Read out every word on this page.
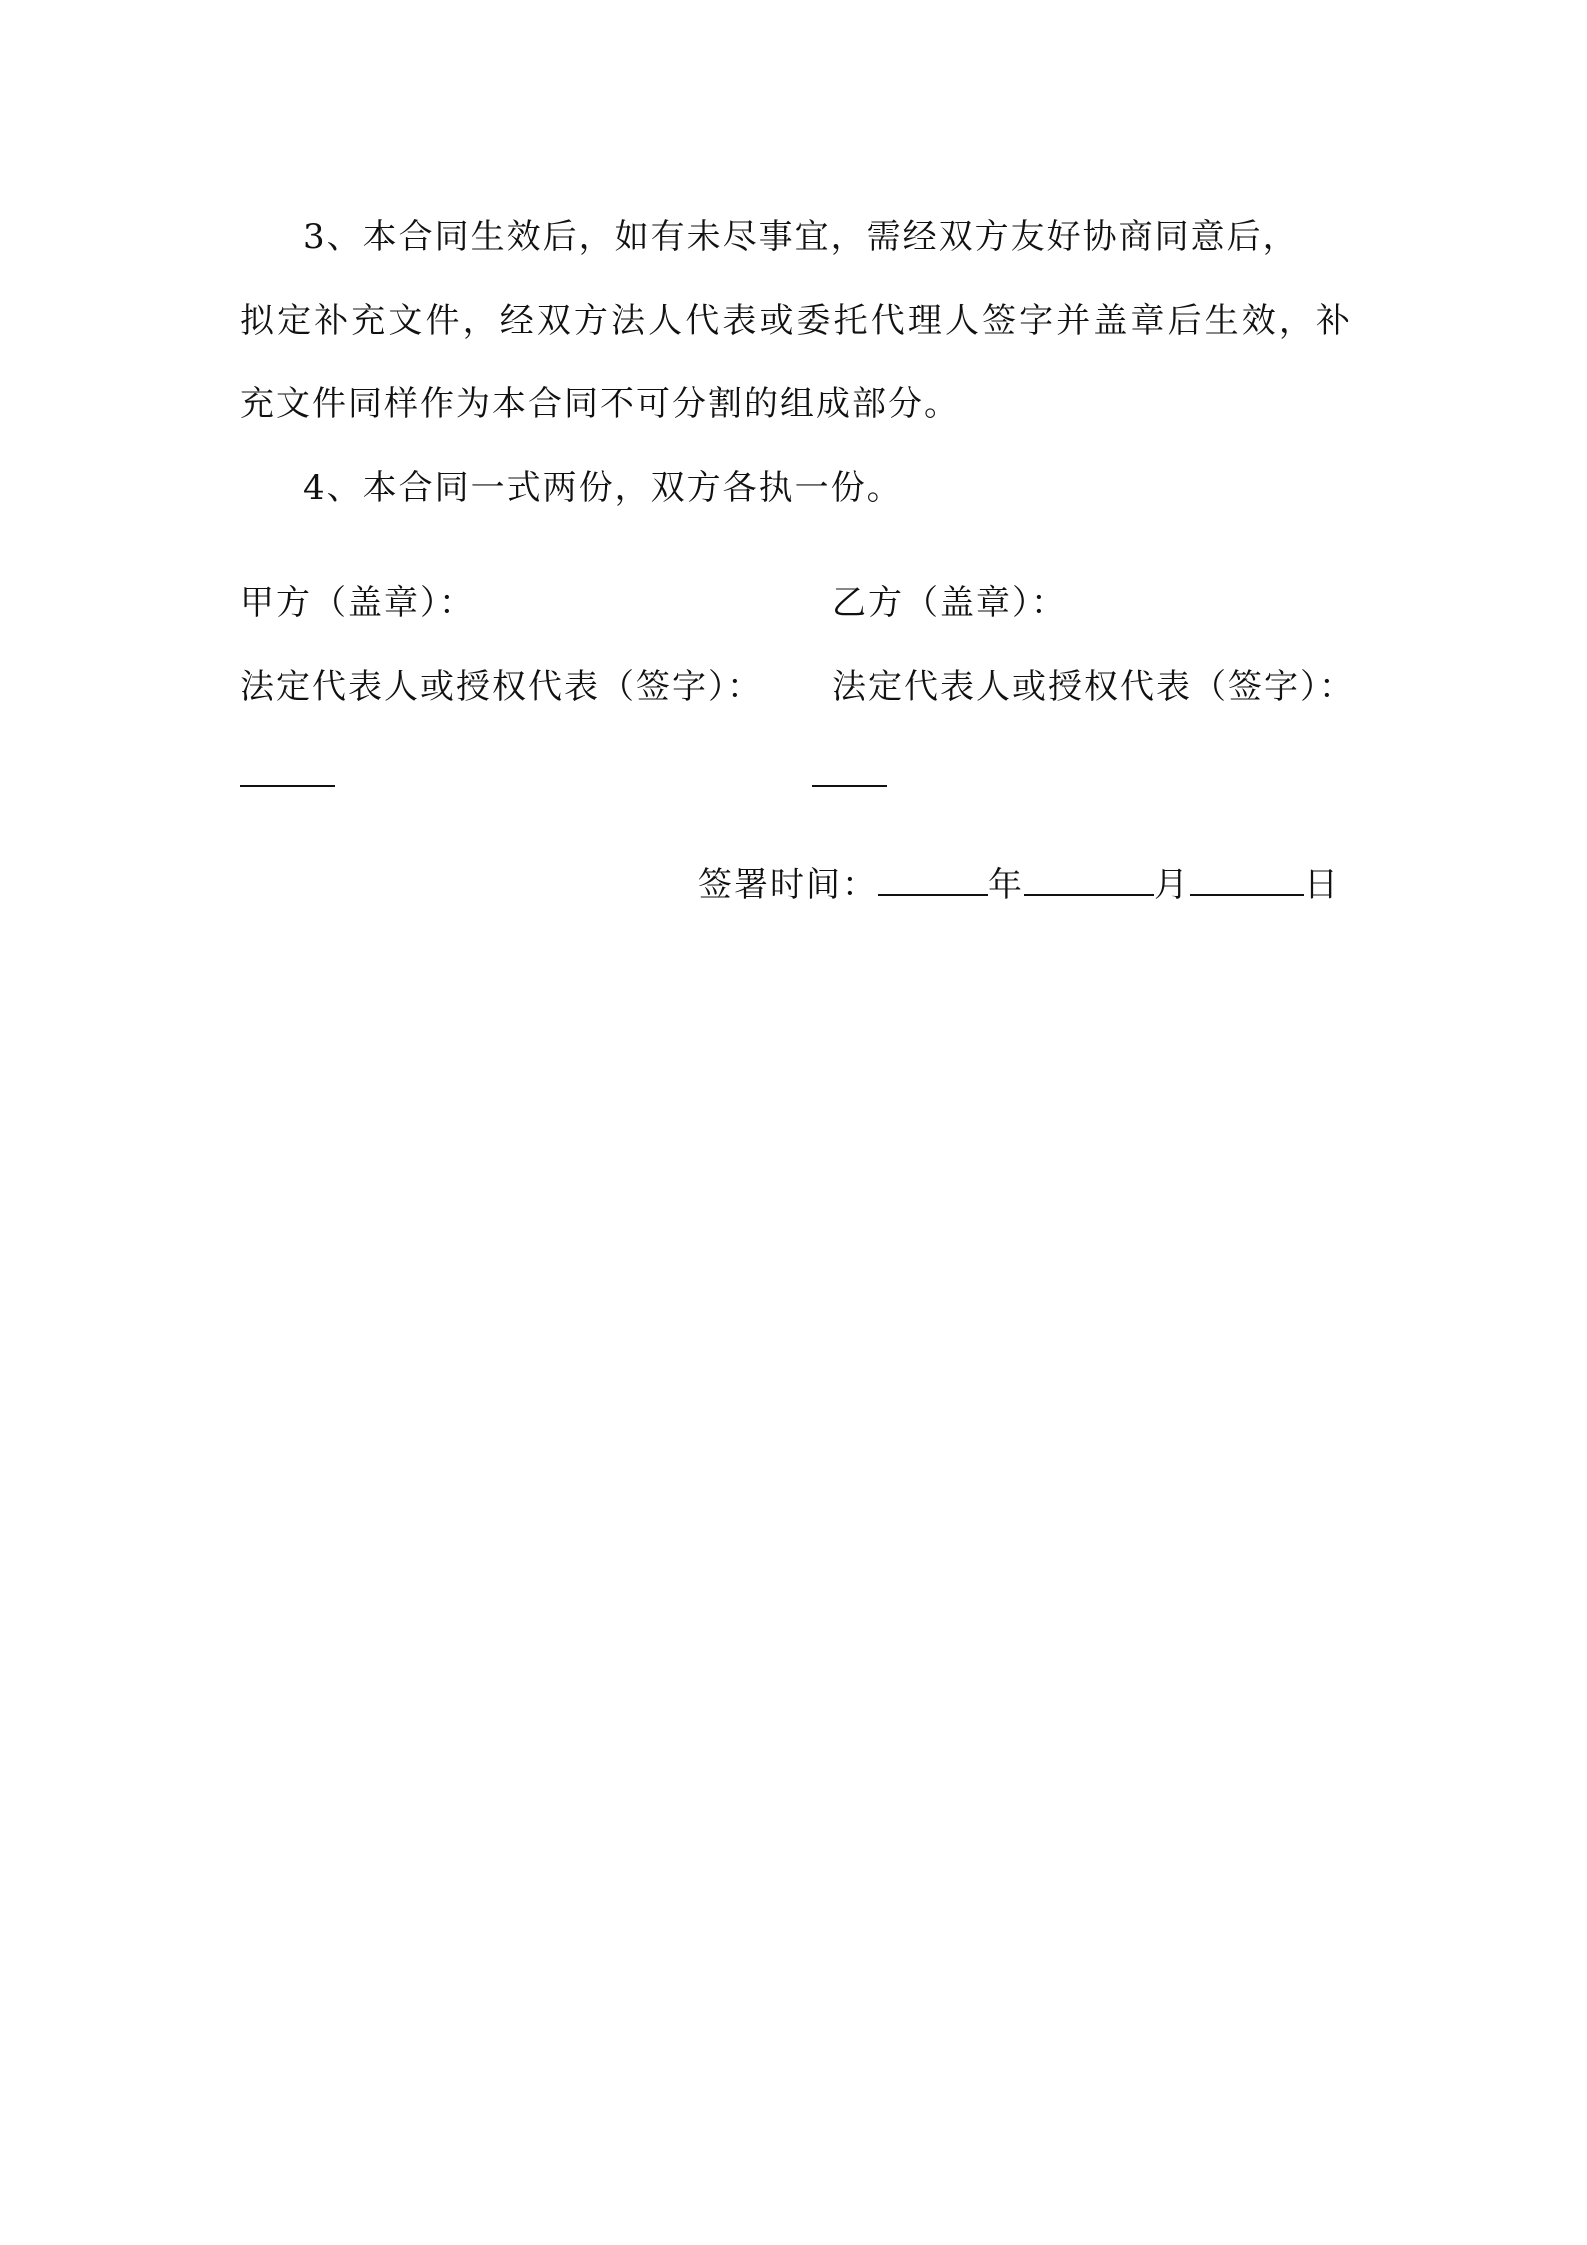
3、本合同生效后，如有未尽事宜，需经双方友好协商同意后，
拟定补充文件，经双方法人代表或委托代理人签字并盖章后生效，补
充文件同样作为本合同不可分割的组成部分。
4、本合同一式两份，双方各执一份。
甲方（盖章）：
法定代表人或授权代表（签字）：
乙方（盖章）：
法定代表人或授权代表（签字）：
签署时间：	年	月	日
